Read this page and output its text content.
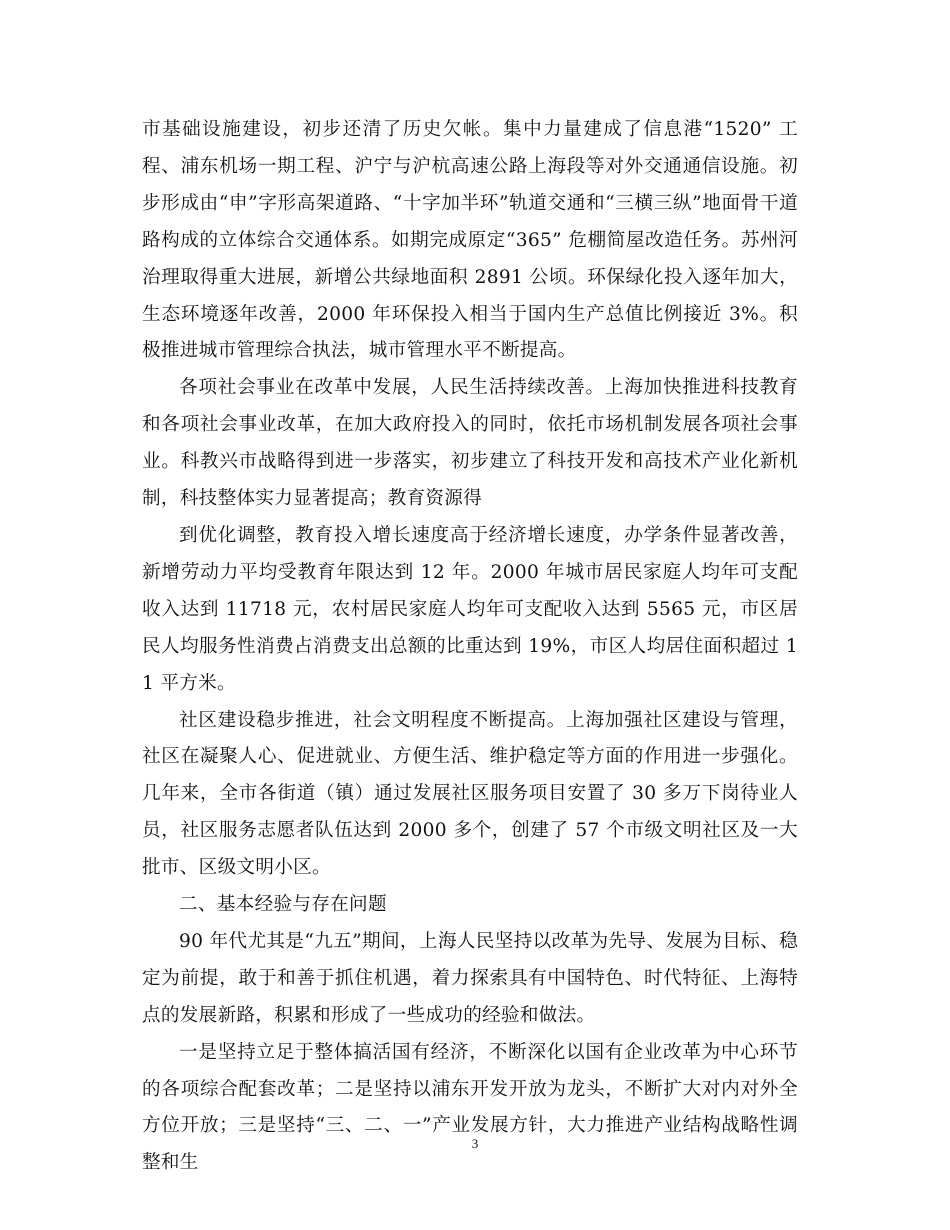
市基础设施建设，初步还清了历史欠帐。集中力量建成了信息港“1520” 工程、浦东机场一期工程、沪宁与沪杭高速公路上海段等对外交通通信设施。初步形成由“申”字形高架道路、“十字加半环”轨道交通和“三横三纵”地面骨干道路构成的立体综合交通体系。如期完成原定“365” 危棚简屋改造任务。苏州河治理取得重大进展，新增公共绿地面积 2891 公顷。环保绿化投入逐年加大，生态环境逐年改善，2000 年环保投入相当于国内生产总值比例接近 3%。积极推进城市管理综合执法，城市管理水平不断提高。

各项社会事业在改革中发展，人民生活持续改善。上海加快推进科技教育和各项社会事业改革，在加大政府投入的同时，依托市场机制发展各项社会事业。科教兴市战略得到进一步落实，初步建立了科技开发和高技术产业化新机制，科技整体实力显著提高；教育资源得

到优化调整，教育投入增长速度高于经济增长速度，办学条件显著改善，新增劳动力平均受教育年限达到 12 年。2000 年城市居民家庭人均年可支配收入达到 11718 元，农村居民家庭人均年可支配收入达到 5565 元，市区居民人均服务性消费占消费支出总额的比重达到 19%，市区人均居住面积超过 11 平方米。

社区建设稳步推进，社会文明程度不断提高。上海加强社区建设与管理，社区在凝聚人心、促进就业、方便生活、维护稳定等方面的作用进一步强化。几年来，全市各街道（镇）通过发展社区服务项目安置了 30 多万下岗待业人员，社区服务志愿者队伍达到 2000 多个，创建了 57 个市级文明社区及一大批市、区级文明小区。

二、基本经验与存在问题

90 年代尤其是“九五”期间，上海人民坚持以改革为先导、发展为目标、稳定为前提，敢于和善于抓住机遇，着力探索具有中国特色、时代特征、上海特点的发展新路，积累和形成了一些成功的经验和做法。

一是坚持立足于整体搞活国有经济，不断深化以国有企业改革为中心环节的各项综合配套改革；二是坚持以浦东开发开放为龙头，不断扩大对内对外全方位开放；三是坚持“三、二、一”产业发展方针，大力推进产业结构战略性调整和生

3
